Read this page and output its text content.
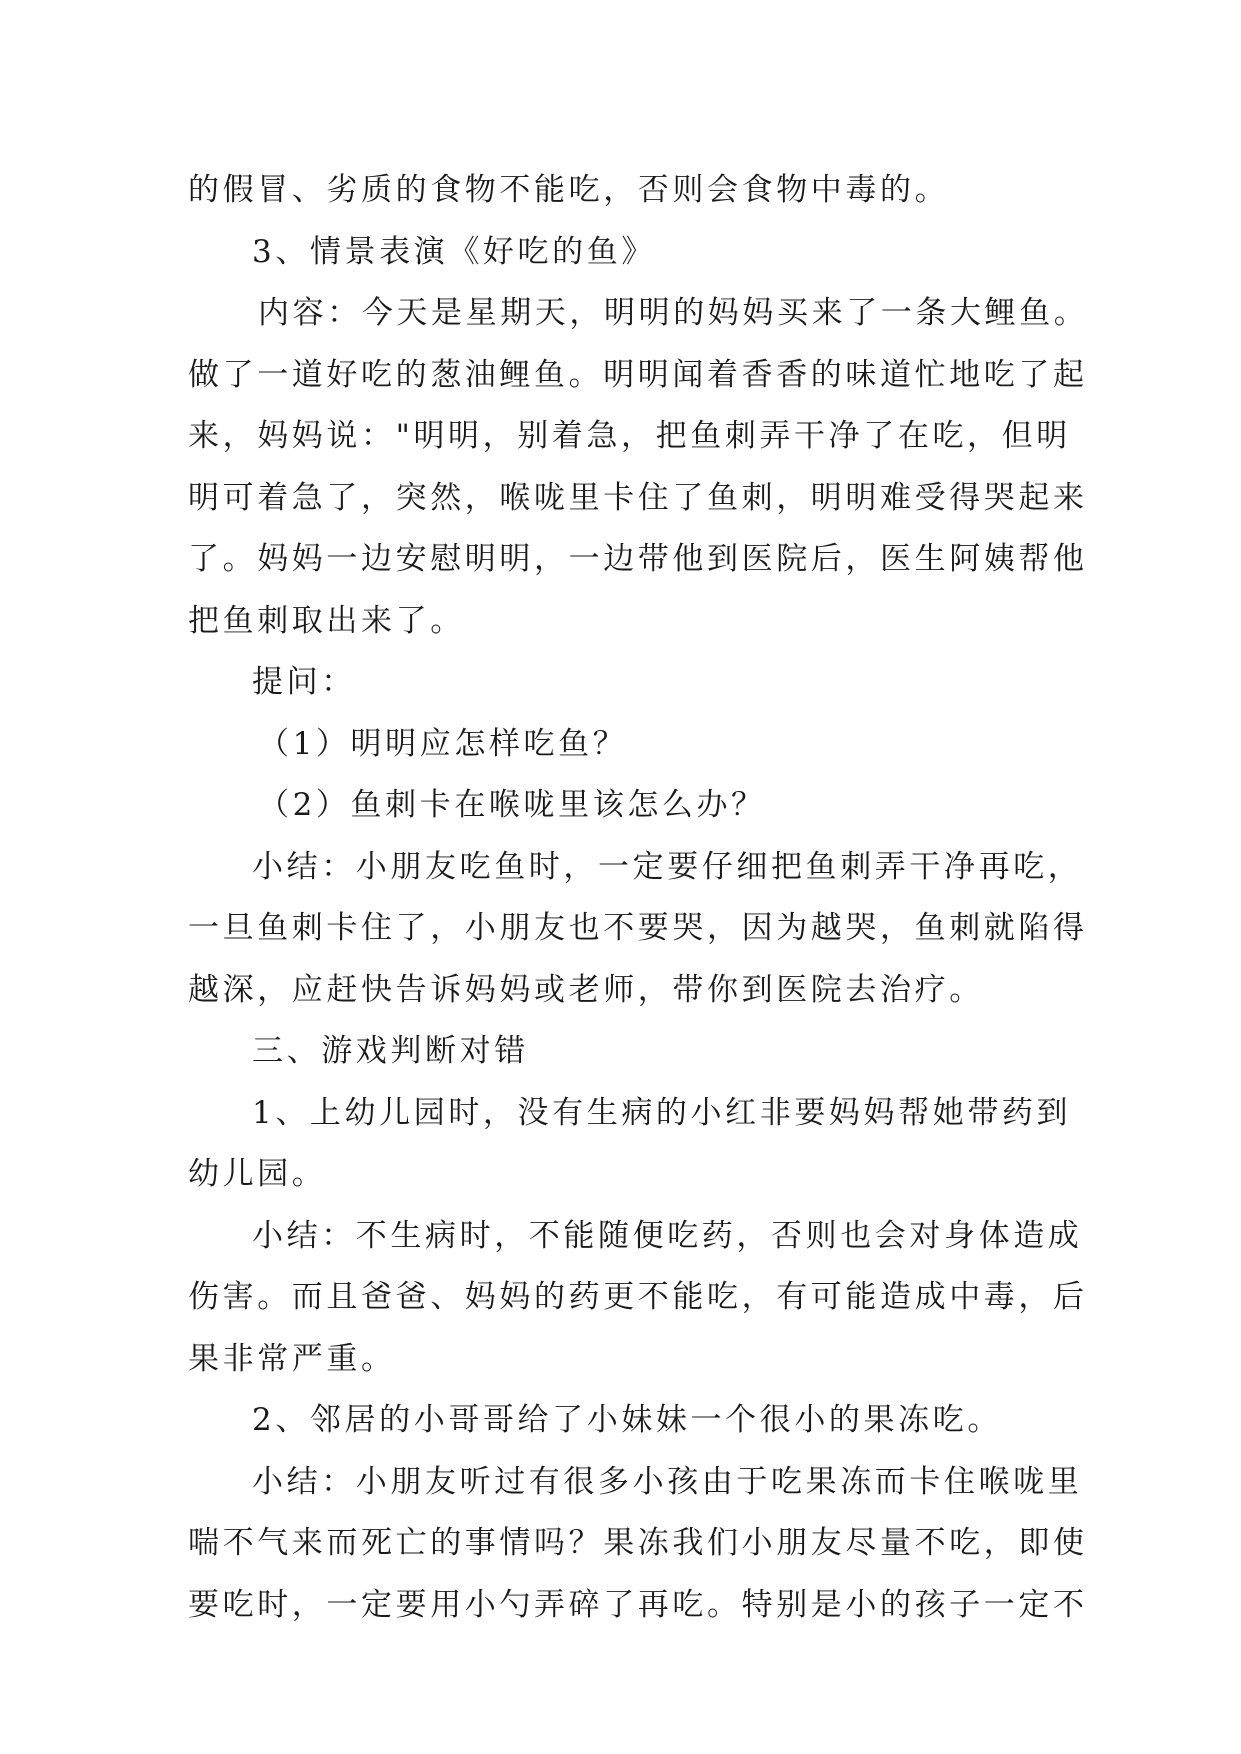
的假冒、劣质的食物不能吃，否则会食物中毒的。
3、情景表演《好吃的鱼》
内容：今天是星期天，明明的妈妈买来了一条大鲤鱼。
做了一道好吃的葱油鲤鱼。明明闻着香香的味道忙地吃了起
来，妈妈说："明明，别着急，把鱼刺弄干净了在吃，但明
明可着急了，突然，喉咙里卡住了鱼刺，明明难受得哭起来
了。妈妈一边安慰明明，一边带他到医院后，医生阿姨帮他
把鱼刺取出来了。
提问：
（1）明明应怎样吃鱼？
（2）鱼刺卡在喉咙里该怎么办？
小结：小朋友吃鱼时，一定要仔细把鱼刺弄干净再吃，
一旦鱼刺卡住了，小朋友也不要哭，因为越哭，鱼刺就陷得
越深，应赶快告诉妈妈或老师，带你到医院去治疗。
三、游戏判断对错
1、上幼儿园时，没有生病的小红非要妈妈帮她带药到
幼儿园。
小结：不生病时，不能随便吃药，否则也会对身体造成
伤害。而且爸爸、妈妈的药更不能吃，有可能造成中毒，后
果非常严重。
2、邻居的小哥哥给了小妹妹一个很小的果冻吃。
小结：小朋友听过有很多小孩由于吃果冻而卡住喉咙里
喘不气来而死亡的事情吗？果冻我们小朋友尽量不吃，即使
要吃时，一定要用小勺弄碎了再吃。特别是小的孩子一定不
